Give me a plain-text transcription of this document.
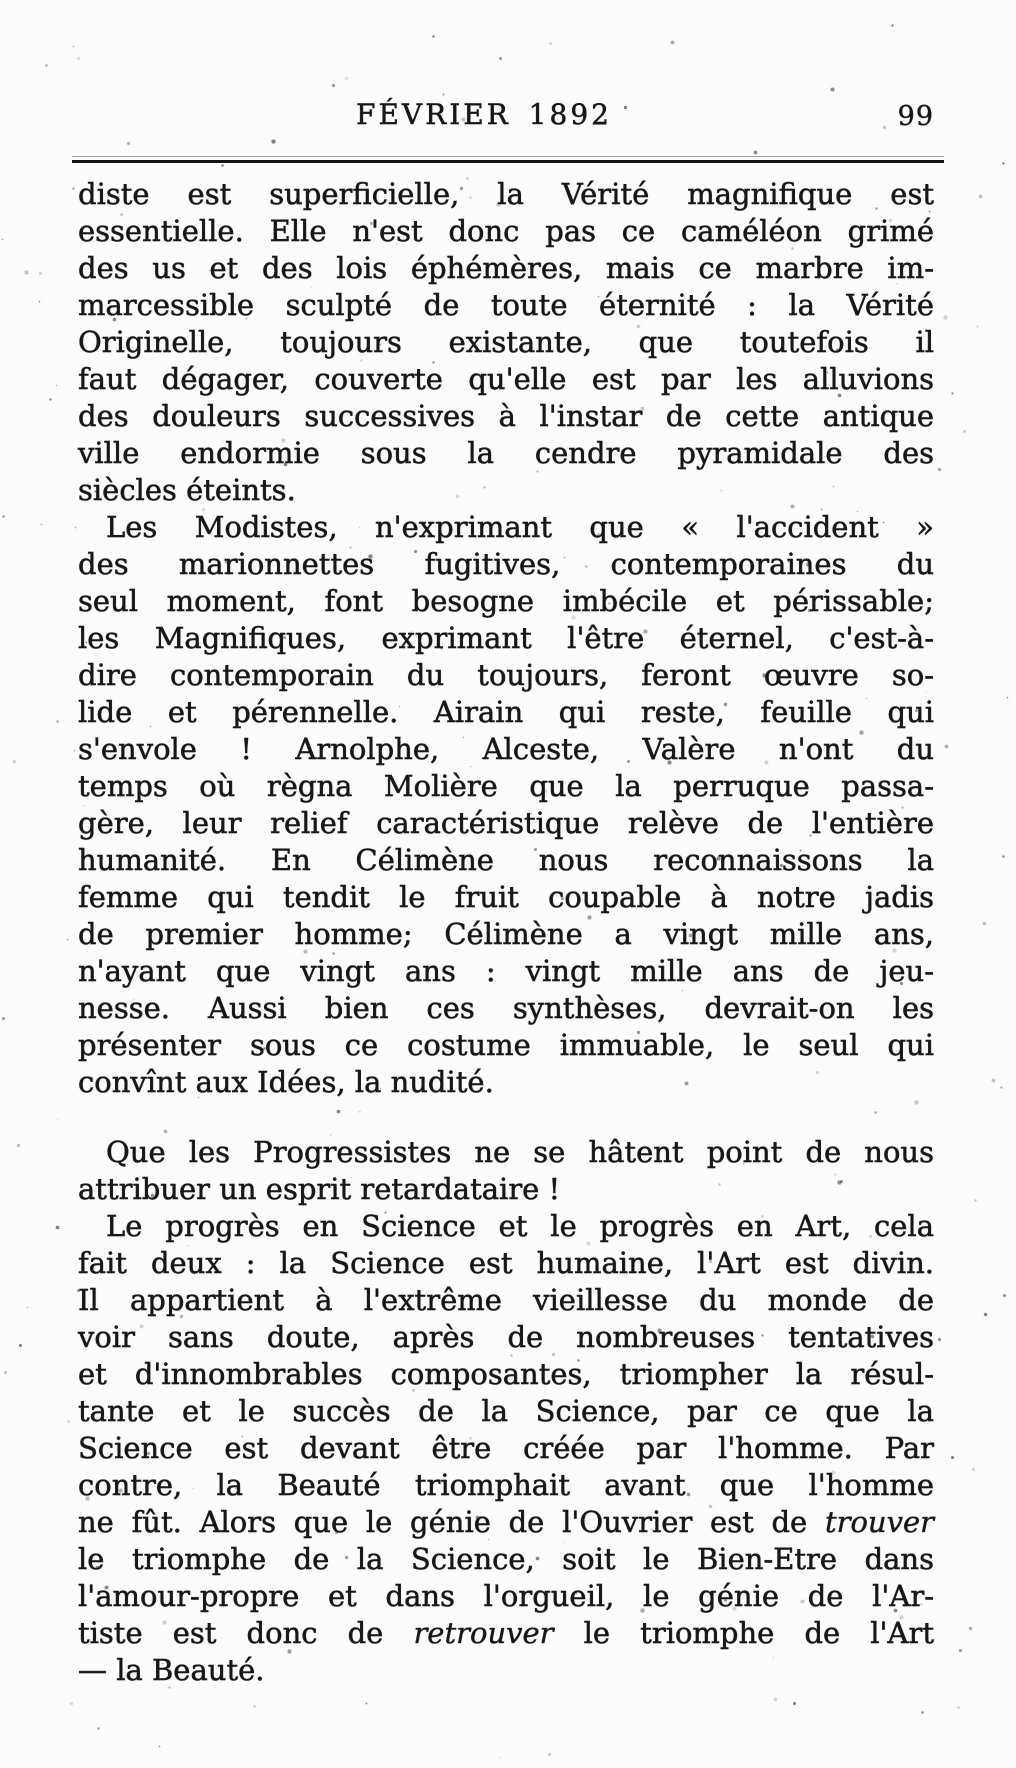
FÉVRIER 1892	99
diste est superficielle, la Vérité magnifique est
essentielle. Elle n'est donc pas ce caméléon grimé
des us et des lois éphémères, mais ce marbre im-
marcessible sculpté de toute éternité : la Vérité
Originelle, toujours existante, que toutefois il
faut dégager, couverte qu'elle est par les alluvions
des douleurs successives à l'instar de cette antique
ville endormie sous la cendre pyramidale des
siècles éteints.
Les Modistes, n'exprimant que « l'accident »
des marionnettes fugitives, contemporaines du
seul moment, font besogne imbécile et périssable;
les Magnifiques, exprimant l'être éternel, c'est-à-
dire contemporain du toujours, feront œuvre so-
lide et pérennelle. Airain qui reste, feuille qui
s'envole ! Arnolphe, Alceste, Valère n'ont du
temps où règna Molière que la perruque passa-
gère, leur relief caractéristique relève de l'entière
humanité. En Célimène nous reconnaissons la
femme qui tendit le fruit coupable à notre jadis
de premier homme; Célimène a vingt mille ans,
n'ayant que vingt ans : vingt mille ans de jeu-
nesse. Aussi bien ces synthèses, devrait-on les
présenter sous ce costume immuable, le seul qui
convînt aux Idées, la nudité.
Que les Progressistes ne se hâtent point de nous
attribuer un esprit retardataire !
Le progrès en Science et le progrès en Art, cela
fait deux : la Science est humaine, l'Art est divin.
Il appartient à l'extrême vieillesse du monde de
voir sans doute, après de nombreuses tentatives
et d'innombrables composantes, triompher la résul-
tante et le succès de la Science, par ce que la
Science est devant être créée par l'homme. Par
contre, la Beauté triomphait avant que l'homme
ne fût. Alors que le génie de l'Ouvrier est de trouver
le triomphe de la Science, soit le Bien-Etre dans
l'amour-propre et dans l'orgueil, le génie de l'Ar-
tiste est donc de retrouver le triomphe de l'Art
— la Beauté.
